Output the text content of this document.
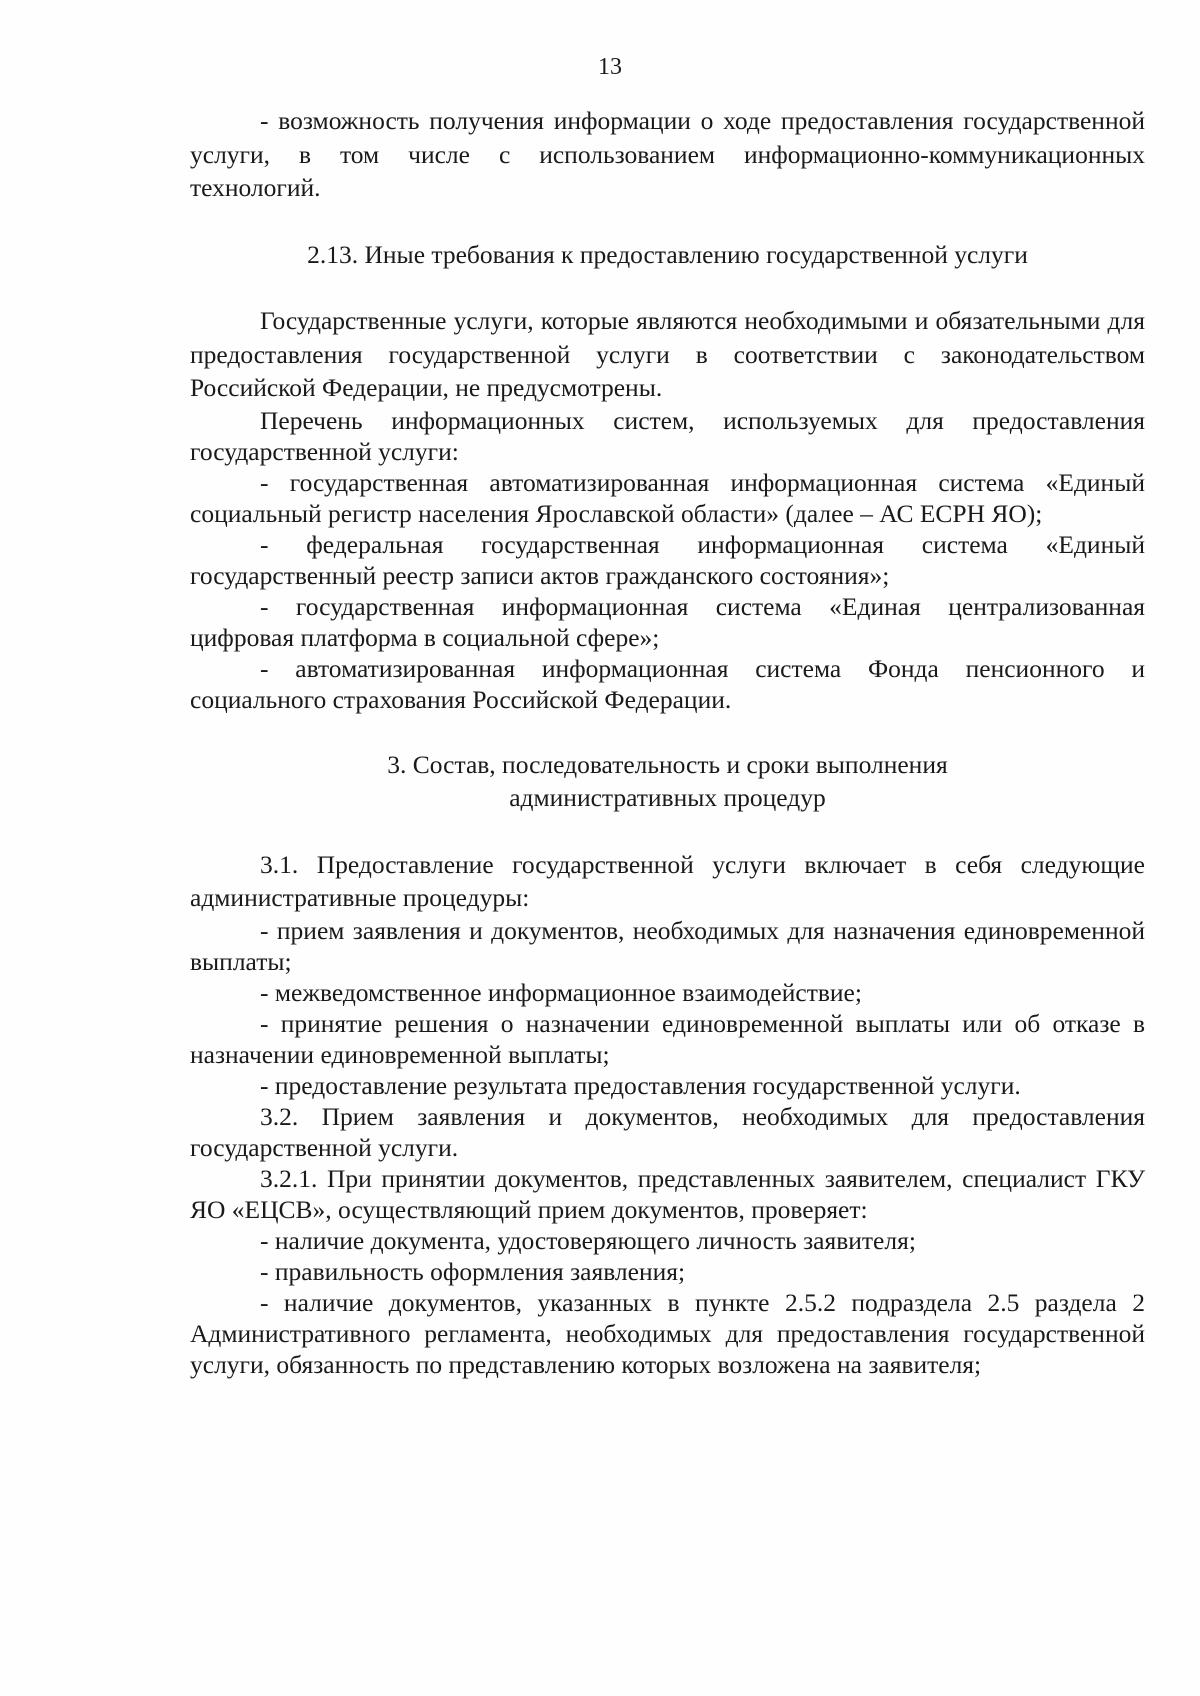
13

- возможность получения информации о ходе предоставления государственной услуги, в том числе с использованием информационно-коммуникационных технологий.

2.13. Иные требования к предоставлению государственной услуги

Государственные услуги, которые являются необходимыми и обязательными для предоставления государственной услуги в соответствии с законодательством Российской Федерации, не предусмотрены.

Перечень информационных систем, используемых для предоставления государственной услуги:

- государственная автоматизированная информационная система «Единый социальный регистр населения Ярославской области» (далее – АС ЕСРН ЯО);

- федеральная государственная информационная система «Единый государственный реестр записи актов гражданского состояния»;

- государственная информационная система «Единая централизованная цифровая платформа в социальной сфере»;

- автоматизированная информационная система Фонда пенсионного и социального страхования Российской Федерации.

3. Состав, последовательность и сроки выполнения

административных процедур

3.1. Предоставление государственной услуги включает в себя следующие административные процедуры:

- прием заявления и документов, необходимых для назначения единовременной выплаты;

- межведомственное информационное взаимодействие;

- принятие решения о назначении единовременной выплаты или об отказе в назначении единовременной выплаты;

- предоставление результата предоставления государственной услуги.

3.2. Прием заявления и документов, необходимых для предоставления государственной услуги.

3.2.1. При принятии документов, представленных заявителем, специалист ГКУ ЯО «ЕЦСВ», осуществляющий прием документов, проверяет:

- наличие документа, удостоверяющего личность заявителя;

- правильность оформления заявления;

- наличие документов, указанных в пункте 2.5.2 подраздела 2.5 раздела 2 Административного регламента, необходимых для предоставления государственной услуги, обязанность по представлению которых возложена на заявителя;
